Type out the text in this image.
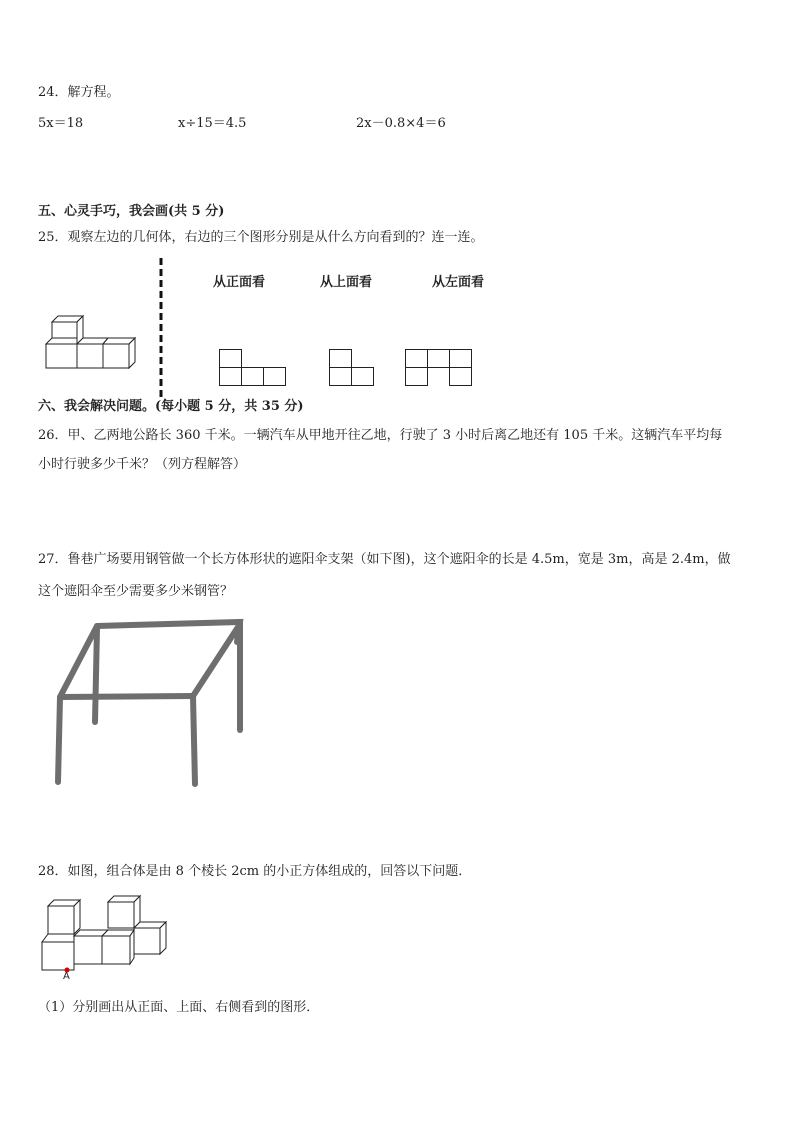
24．解方程。
5x＝18	x÷15＝4.5	2x－0.8×4＝6
五、心灵手巧，我会画(共 5 分)
25．观察左边的几何体，右边的三个图形分别是从什么方向看到的？连一连。
从正面看	从上面看	从左面看
六、我会解决问题。(每小题 5 分，共 35 分)
26．甲、乙两地公路长 360 千米。一辆汽车从甲地开往乙地，行驶了 3 小时后离乙地还有 105 千米。这辆汽车平均每
小时行驶多少千米？（列方程解答）
27．鲁巷广场要用钢管做一个长方体形状的遮阳伞支架（如下图)，这个遮阳伞的长是 4.5m，宽是 3m，高是 2.4m，做
这个遮阳伞至少需要多少米钢管？
28．如图，组合体是由 8 个棱长 2cm 的小正方体组成的，回答以下问题．
A
（1）分别画出从正面、上面、右侧看到的图形．
